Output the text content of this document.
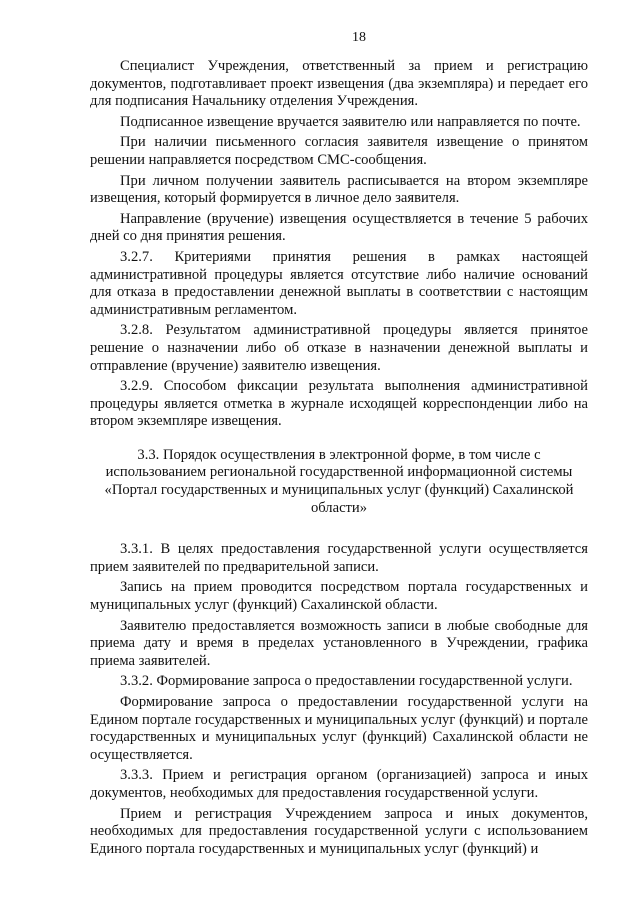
18

Специалист Учреждения, ответственный за прием и регистрацию документов, подготавливает проект извещения (два экземпляра) и передает его для подписания Начальнику отделения Учреждения.

Подписанное извещение вручается заявителю или направляется по почте.

При наличии письменного согласия заявителя извещение о принятом решении направляется посредством СМС-сообщения.

При личном получении заявитель расписывается на втором экземпляре извещения, который формируется в личное дело заявителя.

Направление (вручение) извещения осуществляется в течение 5 рабочих дней со дня принятия решения.

3.2.7. Критериями принятия решения в рамках настоящей административной процедуры является отсутствие либо наличие оснований для отказа в предоставлении денежной выплаты в соответствии с настоящим административным регламентом.

3.2.8. Результатом административной процедуры является принятое решение о назначении либо об отказе в назначении денежной выплаты и отправление (вручение) заявителю извещения.

3.2.9. Способом фиксации результата выполнения административной процедуры является отметка в журнале исходящей корреспонденции либо на втором экземпляре извещения.

3.3. Порядок осуществления в электронной форме, в том числе с использованием региональной государственной информационной системы «Портал государственных и муниципальных услуг (функций) Сахалинской области»

3.3.1. В целях предоставления государственной услуги осуществляется прием заявителей по предварительной записи.

Запись на прием проводится посредством портала государственных и муниципальных услуг (функций) Сахалинской области.

Заявителю предоставляется возможность записи в любые свободные для приема дату и время в пределах установленного в Учреждении, графика приема заявителей.

3.3.2. Формирование запроса о предоставлении государственной услуги.

Формирование запроса о предоставлении государственной услуги на Едином портале государственных и муниципальных услуг (функций) и портале государственных и муниципальных услуг (функций) Сахалинской области не осуществляется.

3.3.3. Прием и регистрация органом (организацией) запроса и иных документов, необходимых для предоставления государственной услуги.

Прием и регистрация Учреждением запроса и иных документов, необходимых для предоставления государственной услуги с использованием Единого портала государственных и муниципальных услуг (функций) и
